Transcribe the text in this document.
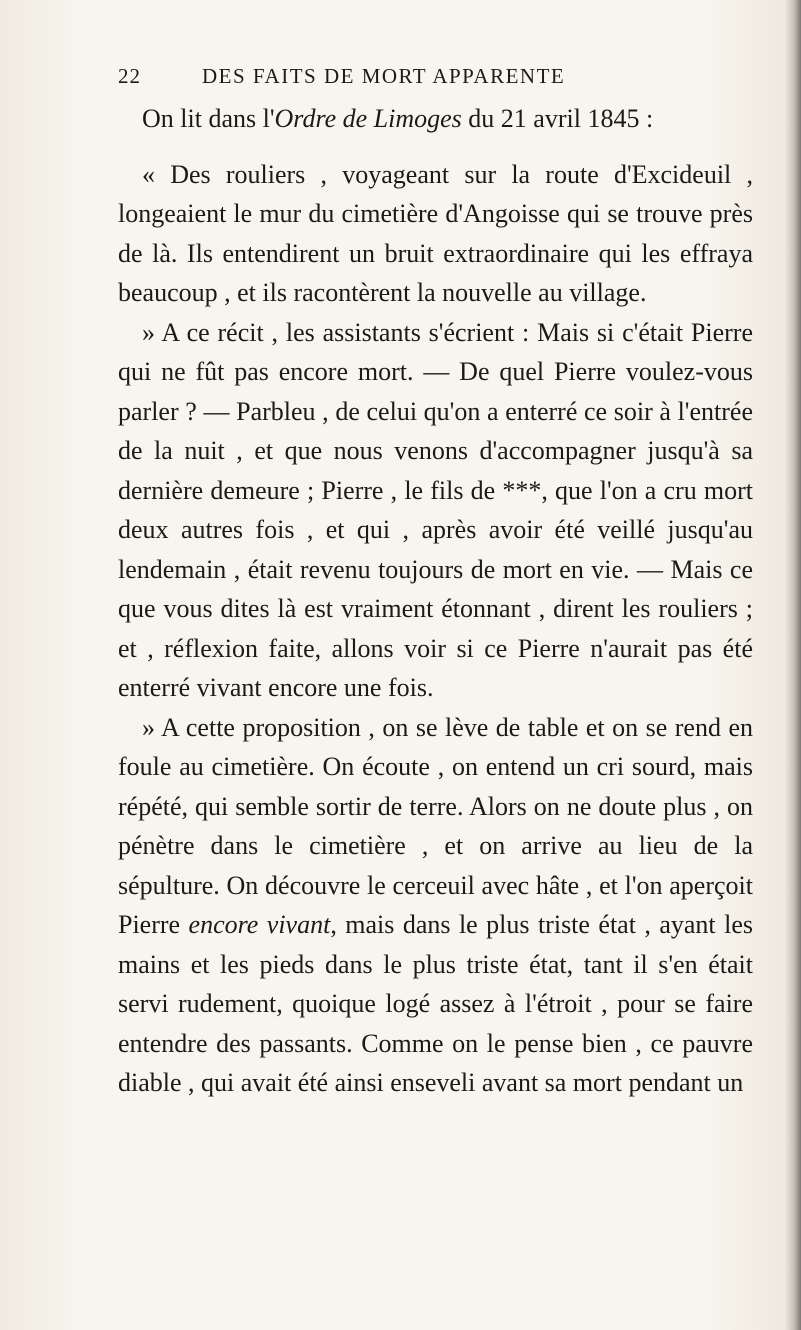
22	DES FAITS DE MORT APPARENTE

On lit dans l'Ordre de Limoges du 21 avril 1845 :

« Des rouliers , voyageant sur la route d'Excideuil , longeaient le mur du cimetière d'Angoisse qui se trouve près de là. Ils entendirent un bruit extraordinaire qui les effraya beaucoup , et ils racontèrent la nouvelle au village.

» A ce récit , les assistants s'écrient : Mais si c'était Pierre qui ne fût pas encore mort. — De quel Pierre voulez-vous parler ? — Parbleu , de celui qu'on a enterré ce soir à l'entrée de la nuit , et que nous venons d'accompagner jusqu'à sa dernière demeure ; Pierre , le fils de ***, que l'on a cru mort deux autres fois , et qui , après avoir été veillé jusqu'au lendemain , était revenu toujours de mort en vie. — Mais ce que vous dites là est vraiment étonnant , dirent les rouliers ; et , réflexion faite, allons voir si ce Pierre n'aurait pas été enterré vivant encore une fois.

» A cette proposition , on se lève de table et on se rend en foule au cimetière. On écoute , on entend un cri sourd, mais répété, qui semble sortir de terre. Alors on ne doute plus , on pénètre dans le cimetière , et on arrive au lieu de la sépulture. On découvre le cerceuil avec hâte , et l'on aperçoit Pierre encore vivant, mais dans le plus triste état , ayant les mains et les pieds dans le plus triste état, tant il s'en était servi rudement, quoique logé assez à l'étroit , pour se faire entendre des passants. Comme on le pense bien , ce pauvre diable , qui avait été ainsi enseveli avant sa mort pendant un
